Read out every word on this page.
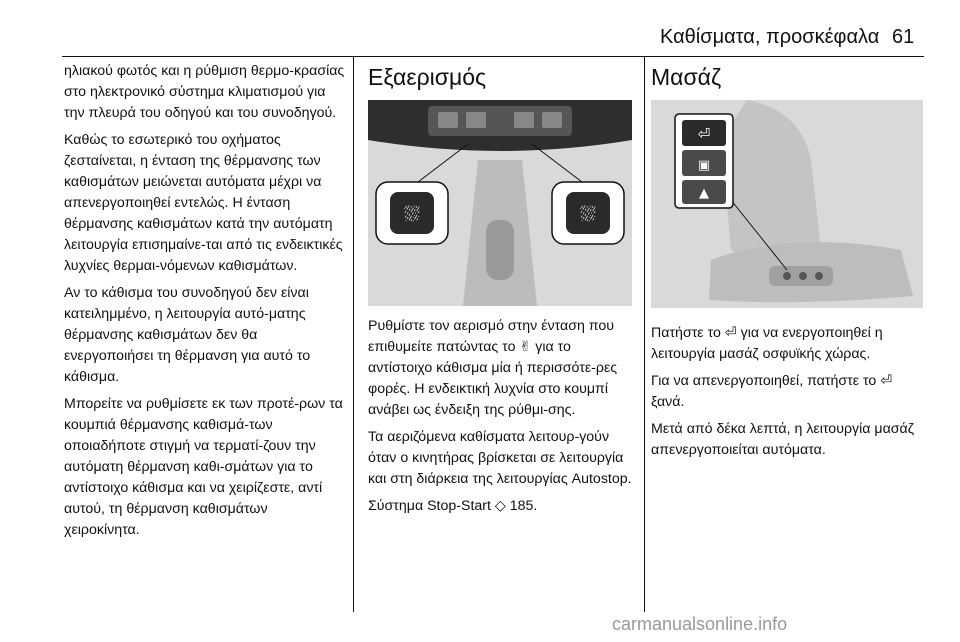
Καθίσματα, προσκέφαλα 61

ηλιακού φωτός και η ρύθμιση θερμο-κρασίας στο ηλεκτρονικό σύστημα κλιματισμού για την πλευρά του οδηγού και του συνοδηγού.

Καθώς το εσωτερικό του οχήματος ζεσταίνεται, η ένταση της θέρμανσης των καθισμάτων μειώνεται αυτόματα μέχρι να απενεργοποιηθεί εντελώς. Η ένταση θέρμανσης καθισμάτων κατά την αυτόματη λειτουργία επισημαίνε-ται από τις ενδεικτικές λυχνίες θερμαι-νόμενων καθισμάτων.

Αν το κάθισμα του συνοδηγού δεν είναι κατειλημμένο, η λειτουργία αυτό-ματης θέρμανσης καθισμάτων δεν θα ενεργοποιήσει τη θέρμανση για αυτό το κάθισμα.

Μπορείτε να ρυθμίσετε εκ των προτέ-ρων τα κουμπιά θέρμανσης καθισμά-των οποιαδήποτε στιγμή να τερματί-ζουν την αυτόματη θέρμανση καθι-σμάτων για το αντίστοιχο κάθισμα και να χειρίζεστε, αντί αυτού, τη θέρμανση καθισμάτων χειροκίνητα.

Εξαερισμός
⛆	⛆

Ρυθμίστε τον αερισμό στην ένταση που επιθυμείτε πατώντας το ✌ για το αντίστοιχο κάθισμα μία ή περισσότε-ρες φορές. Η ενδεικτική λυχνία στο κουμπί ανάβει ως ένδειξη της ρύθμι-σης.

Τα αεριζόμενα καθίσματα λειτουρ-γούν όταν ο κινητήρας βρίσκεται σε λειτουργία και στη διάρκεια της λειτουργίας Autostop.

Σύστημα Stop-Start ◇ 185.

Μασάζ
⏎
▣
▲

Πατήστε το ⏎ για να ενεργοποιηθεί η λειτουργία μασάζ οσφυϊκής χώρας.

Για να απενεργοποιηθεί, πατήστε το ⏎ ξανά.

Μετά από δέκα λεπτά, η λειτουργία μασάζ απενεργοποιείται αυτόματα.

carmanualsonline.info
